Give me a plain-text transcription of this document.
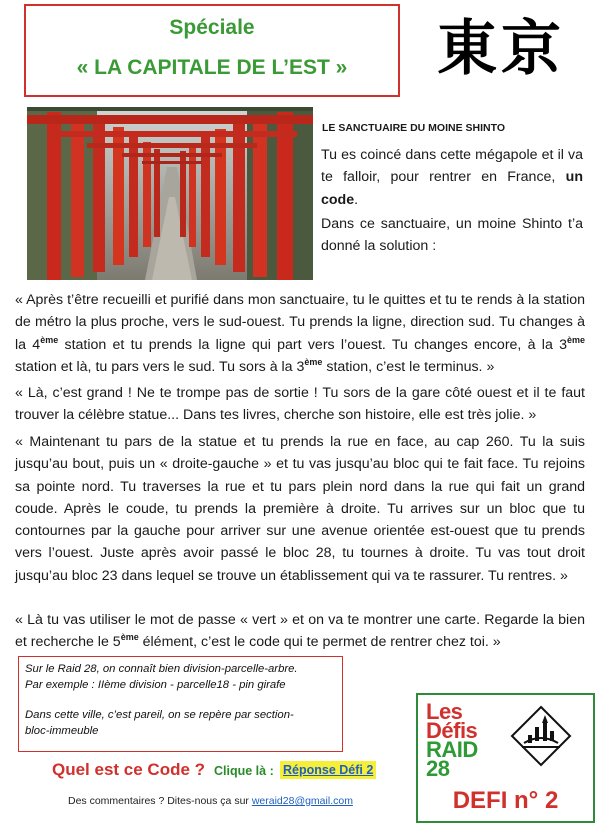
Spéciale
« LA CAPITALE DE L’EST »	東京
LE SANCTUAIRE DU MOINE SHINTO
Tu es coincé dans cette mégapole et il va te falloir, pour rentrer en France, un code.
Dans ce sanctuaire, un moine Shinto t’a donné la solution :
« Après t’être recueilli et purifié dans mon sanctuaire, tu le quittes et tu te rends à la station de métro la plus proche, vers le sud-ouest. Tu prends la ligne, direction sud. Tu changes à la 4ème station et tu prends la ligne qui part vers l’ouest. Tu changes encore, à la 3ème station et là, tu pars vers le sud. Tu sors à la 3ème station, c’est le terminus. »
« Là, c’est grand ! Ne te trompe pas de sortie ! Tu sors de la gare côté ouest et il te faut trouver la célèbre statue... Dans tes livres, cherche son histoire, elle est très jolie. »
« Maintenant tu pars de la statue et tu prends la rue en face, au cap 260. Tu la suis jusqu’au bout, puis un « droite-gauche » et tu vas jusqu’au bloc qui te fait face. Tu rejoins sa pointe nord. Tu traverses la rue et tu pars plein nord dans la rue qui fait un grand coude. Après le coude, tu prends la première à droite. Tu arrives sur un bloc que tu contournes par la gauche pour arriver sur une avenue orientée est-ouest que tu prends vers l’ouest. Juste après avoir passé le bloc 28, tu tournes à droite. Tu vas tout droit jusqu’au bloc 23 dans lequel se trouve un établissement qui va te rassurer. Tu rentres. »
« Là tu vas utiliser le mot de passe « vert » et on va te montrer une carte. Regarde la bien et recherche le 5ème élément, c’est le code qui te permet de rentrer chez toi. »
Sur le Raid 28, on connaît bien division-parcelle-arbre.
Par exemple : IIème division - parcelle18 - pin girafe
Dans cette ville, c’est pareil, on se repère par section-
bloc-immeuble
Quel est ce Code ? Clique là : Réponse Défi 2
Des commentaires ? Dites-nous ça sur weraid28@gmail.com
Les
Défis
RAID
28
DEFI n° 2
